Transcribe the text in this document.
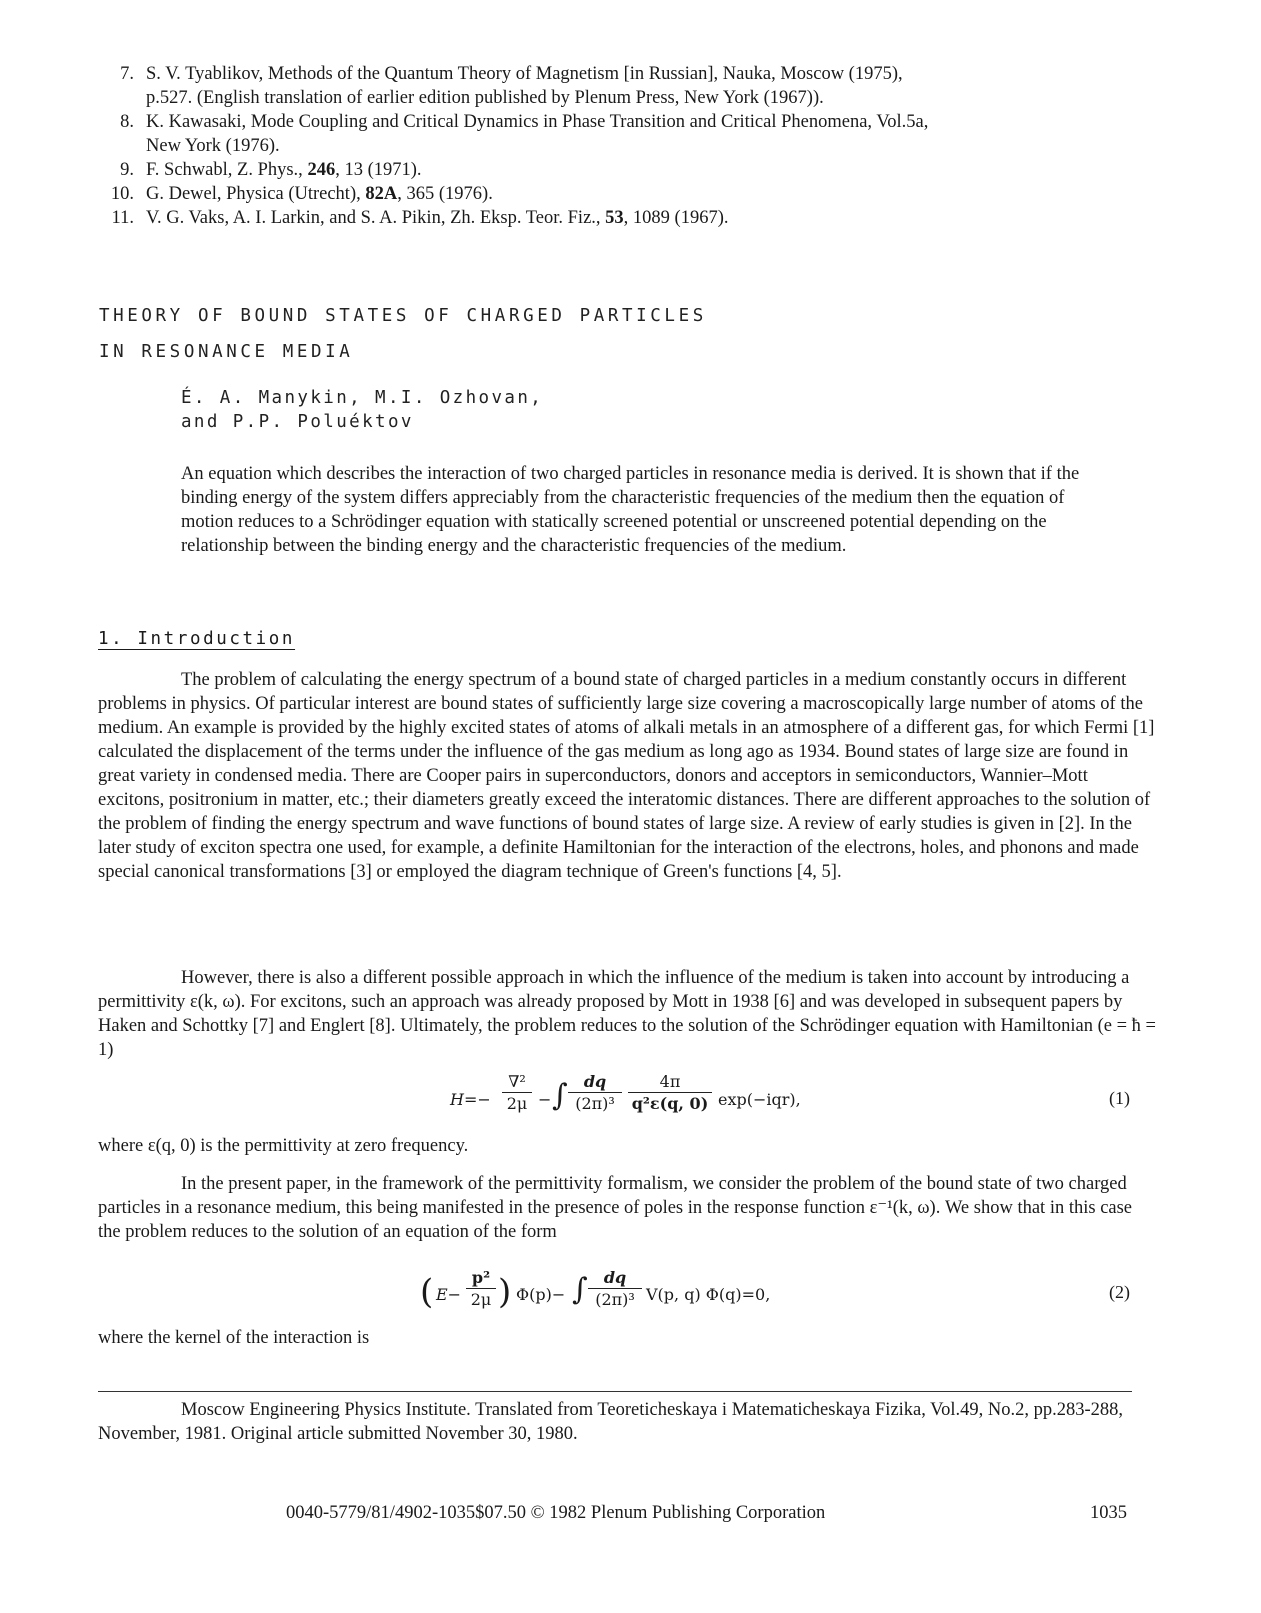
7. S. V. Tyablikov, Methods of the Quantum Theory of Magnetism [in Russian], Nauka, Moscow (1975),
p.527. (English translation of earlier edition published by Plenum Press, New York (1967)).
8. K. Kawasaki, Mode Coupling and Critical Dynamics in Phase Transition and Critical Phenomena, Vol.5a,
New York (1976).
9. F. Schwabl, Z. Phys., 246, 13 (1971).
10. G. Dewel, Physica (Utrecht), 82A, 365 (1976).
11. V. G. Vaks, A. I. Larkin, and S. A. Pikin, Zh. Eksp. Teor. Fiz., 53, 1089 (1967).
THEORY OF BOUND STATES OF CHARGED PARTICLES
IN RESONANCE MEDIA
É. A. Manykin, M.I. Ozhovan,
and P.P. Poluéktov
An equation which describes the interaction of two charged particles in resonance media is derived. It is shown that if the binding energy of the system differs appreciably from the characteristic frequencies of the medium then the equation of motion reduces to a Schrödinger equation with statically screened potential or unscreened potential depending on the relationship between the binding energy and the characteristic frequencies of the medium.
1. Introduction
The problem of calculating the energy spectrum of a bound state of charged particles in a medium constantly occurs in different problems in physics. Of particular interest are bound states of sufficiently large size covering a macroscopically large number of atoms of the medium. An example is provided by the highly excited states of atoms of alkali metals in an atmosphere of a different gas, for which Fermi [1] calculated the displacement of the terms under the influence of the gas medium as long ago as 1934. Bound states of large size are found in great variety in condensed media. There are Cooper pairs in superconductors, donors and acceptors in semiconductors, Wannier–Mott excitons, positronium in matter, etc.; their diameters greatly exceed the interatomic distances. There are different approaches to the solution of the problem of finding the energy spectrum and wave functions of bound states of large size. A review of early studies is given in [2]. In the later study of exciton spectra one used, for example, a definite Hamiltonian for the interaction of the electrons, holes, and phonons and made special canonical transformations [3] or employed the diagram technique of Green's functions [4, 5].
However, there is also a different possible approach in which the influence of the medium is taken into account by introducing a permittivity ε(k, ω). For excitons, such an approach was already proposed by Mott in 1938 [6] and was developed in subsequent papers by Haken and Schottky [7] and Englert [8]. Ultimately, the problem reduces to the solution of the Schrödinger equation with Hamiltonian (e = ħ = 1)
H=−
∇²
2μ − ∫ $\frac{dq}{\text{(2π)³}} \frac{4\pi}{\text{q²ε(q, 0)}} \exp(-iqr)$,	(1)
where ε(q, 0) is the permittivity at zero frequency.
In the present paper, in the framework of the permittivity formalism, we consider the problem of the bound state of two charged particles in a resonance medium, this being manifested in the presence of poles in the response function ε⁻¹(k, ω). We show that in this case the problem reduces to the solution of an equation of the form
( $E- \frac{\text{p²}}{2\mu}$ ) Φ(p)− ∫ $\frac{dq}{\text{(2π)³}} V(p$, q) Φ(q)=0,	(2)
where the kernel of the interaction is
Moscow Engineering Physics Institute. Translated from Teoreticheskaya i Matematicheskaya Fizika, Vol.49, No.2, pp.283-288, November, 1981. Original article submitted November 30, 1980.
0040-5779/81/4902-1035$07.50 © 1982 Plenum Publishing Corporation	1035
